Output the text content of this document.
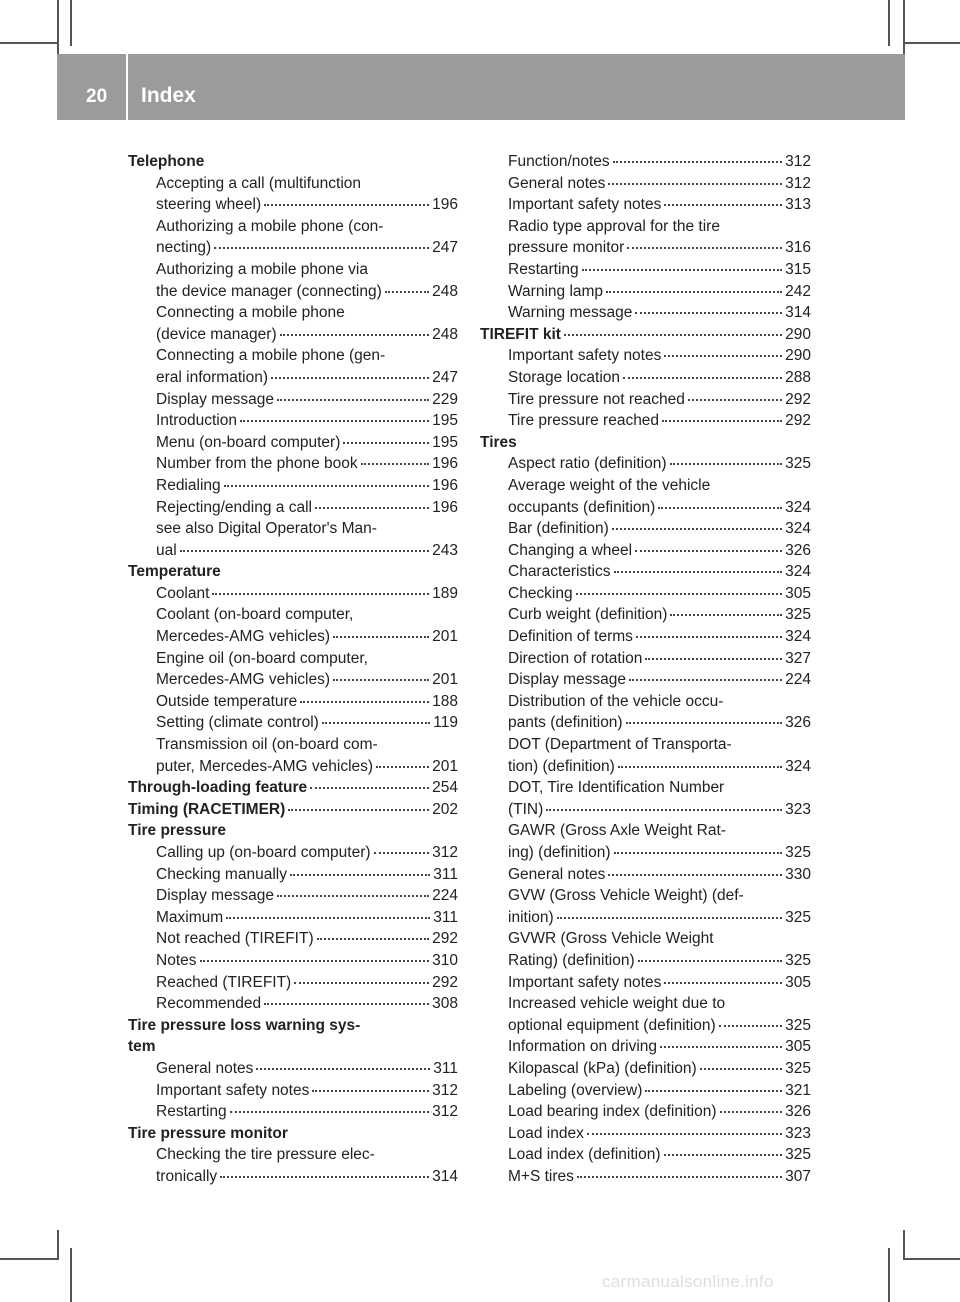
20 Index
Telephone
Accepting a call (multifunction
steering wheel)	196
Authorizing a mobile phone (con-
necting)	247
Authorizing a mobile phone via
the device manager (connecting)	248
Connecting a mobile phone
(device manager)	248
Connecting a mobile phone (gen-
eral information)	247
Display message	229
Introduction	195
Menu (on-board computer)	195
Number from the phone book	196
Redialing	196
Rejecting/ending a call	196
see also Digital Operator's Man-
ual	243
Temperature
Coolant	189
Coolant (on-board computer,
Mercedes-AMG vehicles)	201
Engine oil (on-board computer,
Mercedes-AMG vehicles)	201
Outside temperature	188
Setting (climate control)	119
Transmission oil (on-board com-
puter, Mercedes-AMG vehicles)	201
Through-loading feature	254
Timing (RACETIMER)	202
Tire pressure
Calling up (on-board computer)	312
Checking manually	311
Display message	224
Maximum	311
Not reached (TIREFIT)	292
Notes	310
Reached (TIREFIT)	292
Recommended	308
Tire pressure loss warning sys-
tem
General notes	311
Important safety notes	312
Restarting	312
Tire pressure monitor
Checking the tire pressure elec-
tronically	314
Function/notes	312
General notes	312
Important safety notes	313
Radio type approval for the tire
pressure monitor	316
Restarting	315
Warning lamp	242
Warning message	314
TIREFIT kit	290
Important safety notes	290
Storage location	288
Tire pressure not reached	292
Tire pressure reached	292
Tires
Aspect ratio (definition)	325
Average weight of the vehicle
occupants (definition)	324
Bar (definition)	324
Changing a wheel	326
Characteristics	324
Checking	305
Curb weight (definition)	325
Definition of terms	324
Direction of rotation	327
Display message	224
Distribution of the vehicle occu-
pants (definition)	326
DOT (Department of Transporta-
tion) (definition)	324
DOT, Tire Identification Number
(TIN)	323
GAWR (Gross Axle Weight Rat-
ing) (definition)	325
General notes	330
GVW (Gross Vehicle Weight) (def-
inition)	325
GVWR (Gross Vehicle Weight
Rating) (definition)	325
Important safety notes	305
Increased vehicle weight due to
optional equipment (definition)	325
Information on driving	305
Kilopascal (kPa) (definition)	325
Labeling (overview)	321
Load bearing index (definition)	326
Load index	323
Load index (definition)	325
M+S tires	307
carmanualsonline.info
